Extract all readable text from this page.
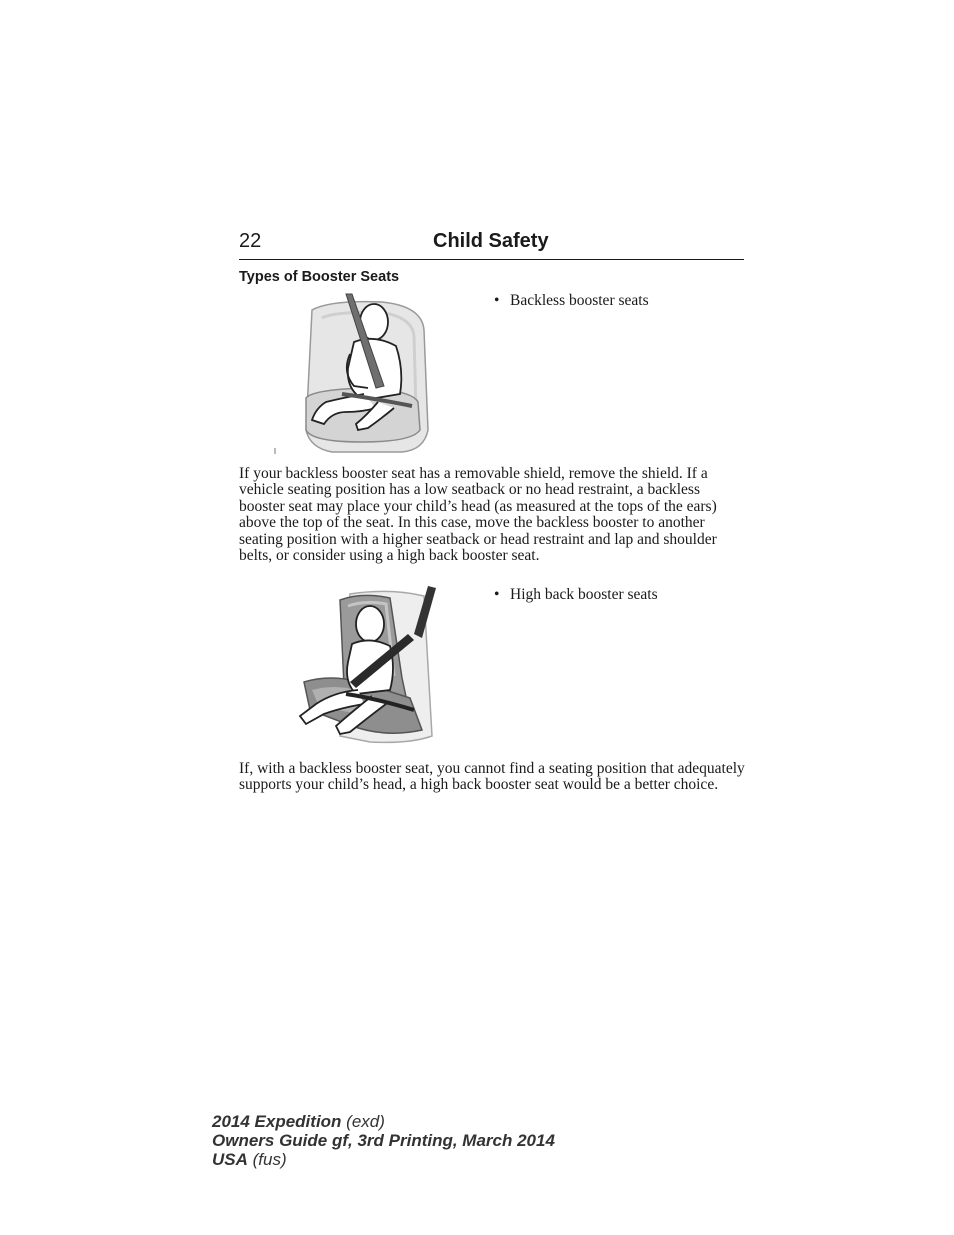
22	Child Safety
Types of Booster Seats
• Backless booster seats

If your backless booster seat has a removable shield, remove the shield. If a vehicle seating position has a low seatback or no head restraint, a backless booster seat may place your child’s head (as measured at the tops of the ears) above the top of the seat. In this case, move the backless booster to another seating position with a higher seatback or head restraint and lap and shoulder belts, or consider using a high back booster seat.

• High back booster seats

If, with a backless booster seat, you cannot find a seating position that adequately supports your child’s head, a high back booster seat would be a better choice.

2014 Expedition (exd)
Owners Guide gf, 3rd Printing, March 2014
USA (fus)
